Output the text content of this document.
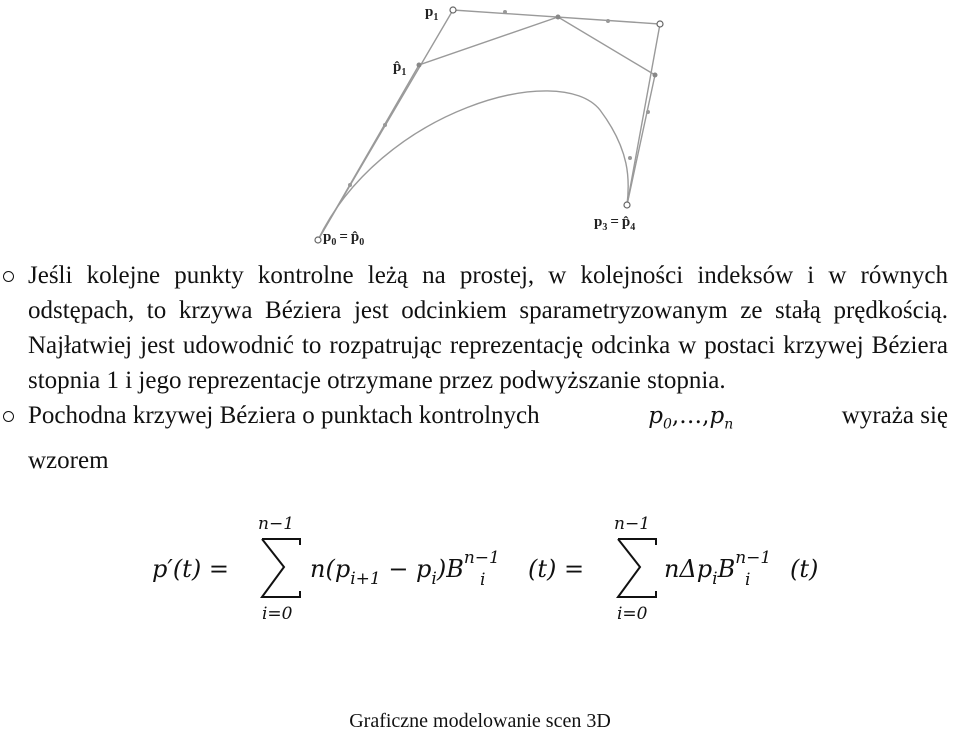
$p_1$
$p̂_1$
$p_0$ = $p̂_0$
$p_3$ = $p̂_4$
Jeśli kolejne punkty kontrolne leżą na prostej, w kolejności indeksów i w równych odstępach, to krzywa Béziera jest odcinkiem sparametryzowanym ze stałą prędkością. Najłatwiej jest udowodnić to rozpatrując reprezentację odcinka w postaci krzywej Béziera stopnia 1 i jego reprezentacje otrzymane przez podwyższanie stopnia.
Pochodna krzywej Béziera o punktach kontrolnych	$p_0,\dots,p_n$	wyraża się
wzorem
p′(t) =
n−1
i=0
$n(p_{i+1} - p_i)B^{n-1}$
i (t) =
n−1
i=0
$n\Delta p_iB^{n-1}$
i (t)
Graficzne modelowanie scen 3D
